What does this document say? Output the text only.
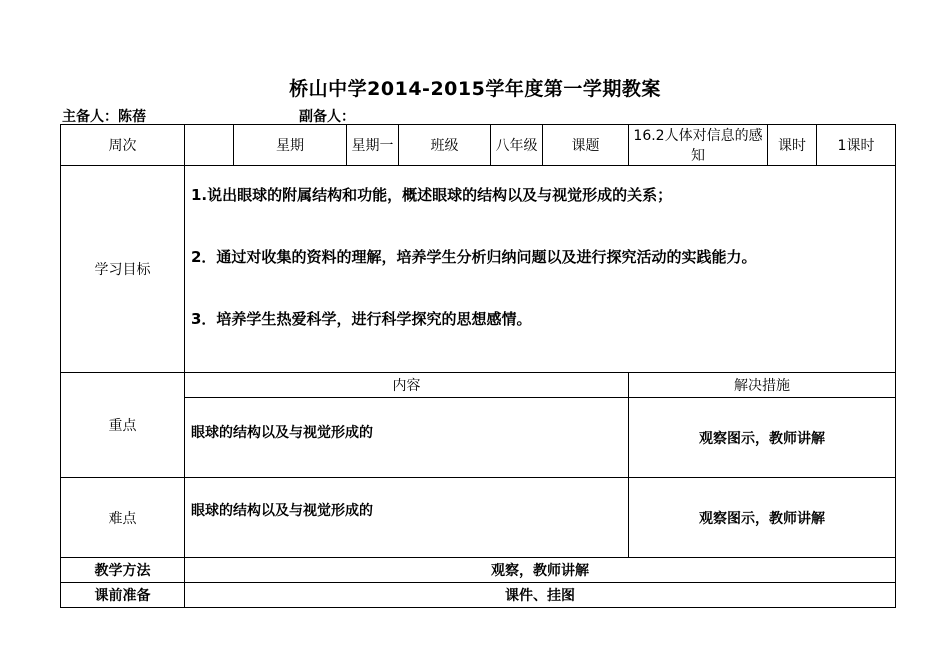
桥山中学2014-2015学年度第一学期教案
主备人：陈蓓	副备人：
周次		星期	星期一	班级	八年级	课题	16.2人体对信息的感知	课时	1课时
学习目标	1.说出眼球的附属结构和功能，概述眼球的结构以及与视觉形成的关系；
2．通过对收集的资料的理解，培养学生分析归纳问题以及进行探究活动的实践能力。
3．培养学生热爱科学，进行科学探究的思想感情。								

重点	内容						解决措施		
	眼球的结构以及与视觉形成的						观察图示，教师讲解		
难点	眼球的结构以及与视觉形成的						观察图示，教师讲解		
教学方法	观察，教师讲解								
课前准备	课件、挂图								
